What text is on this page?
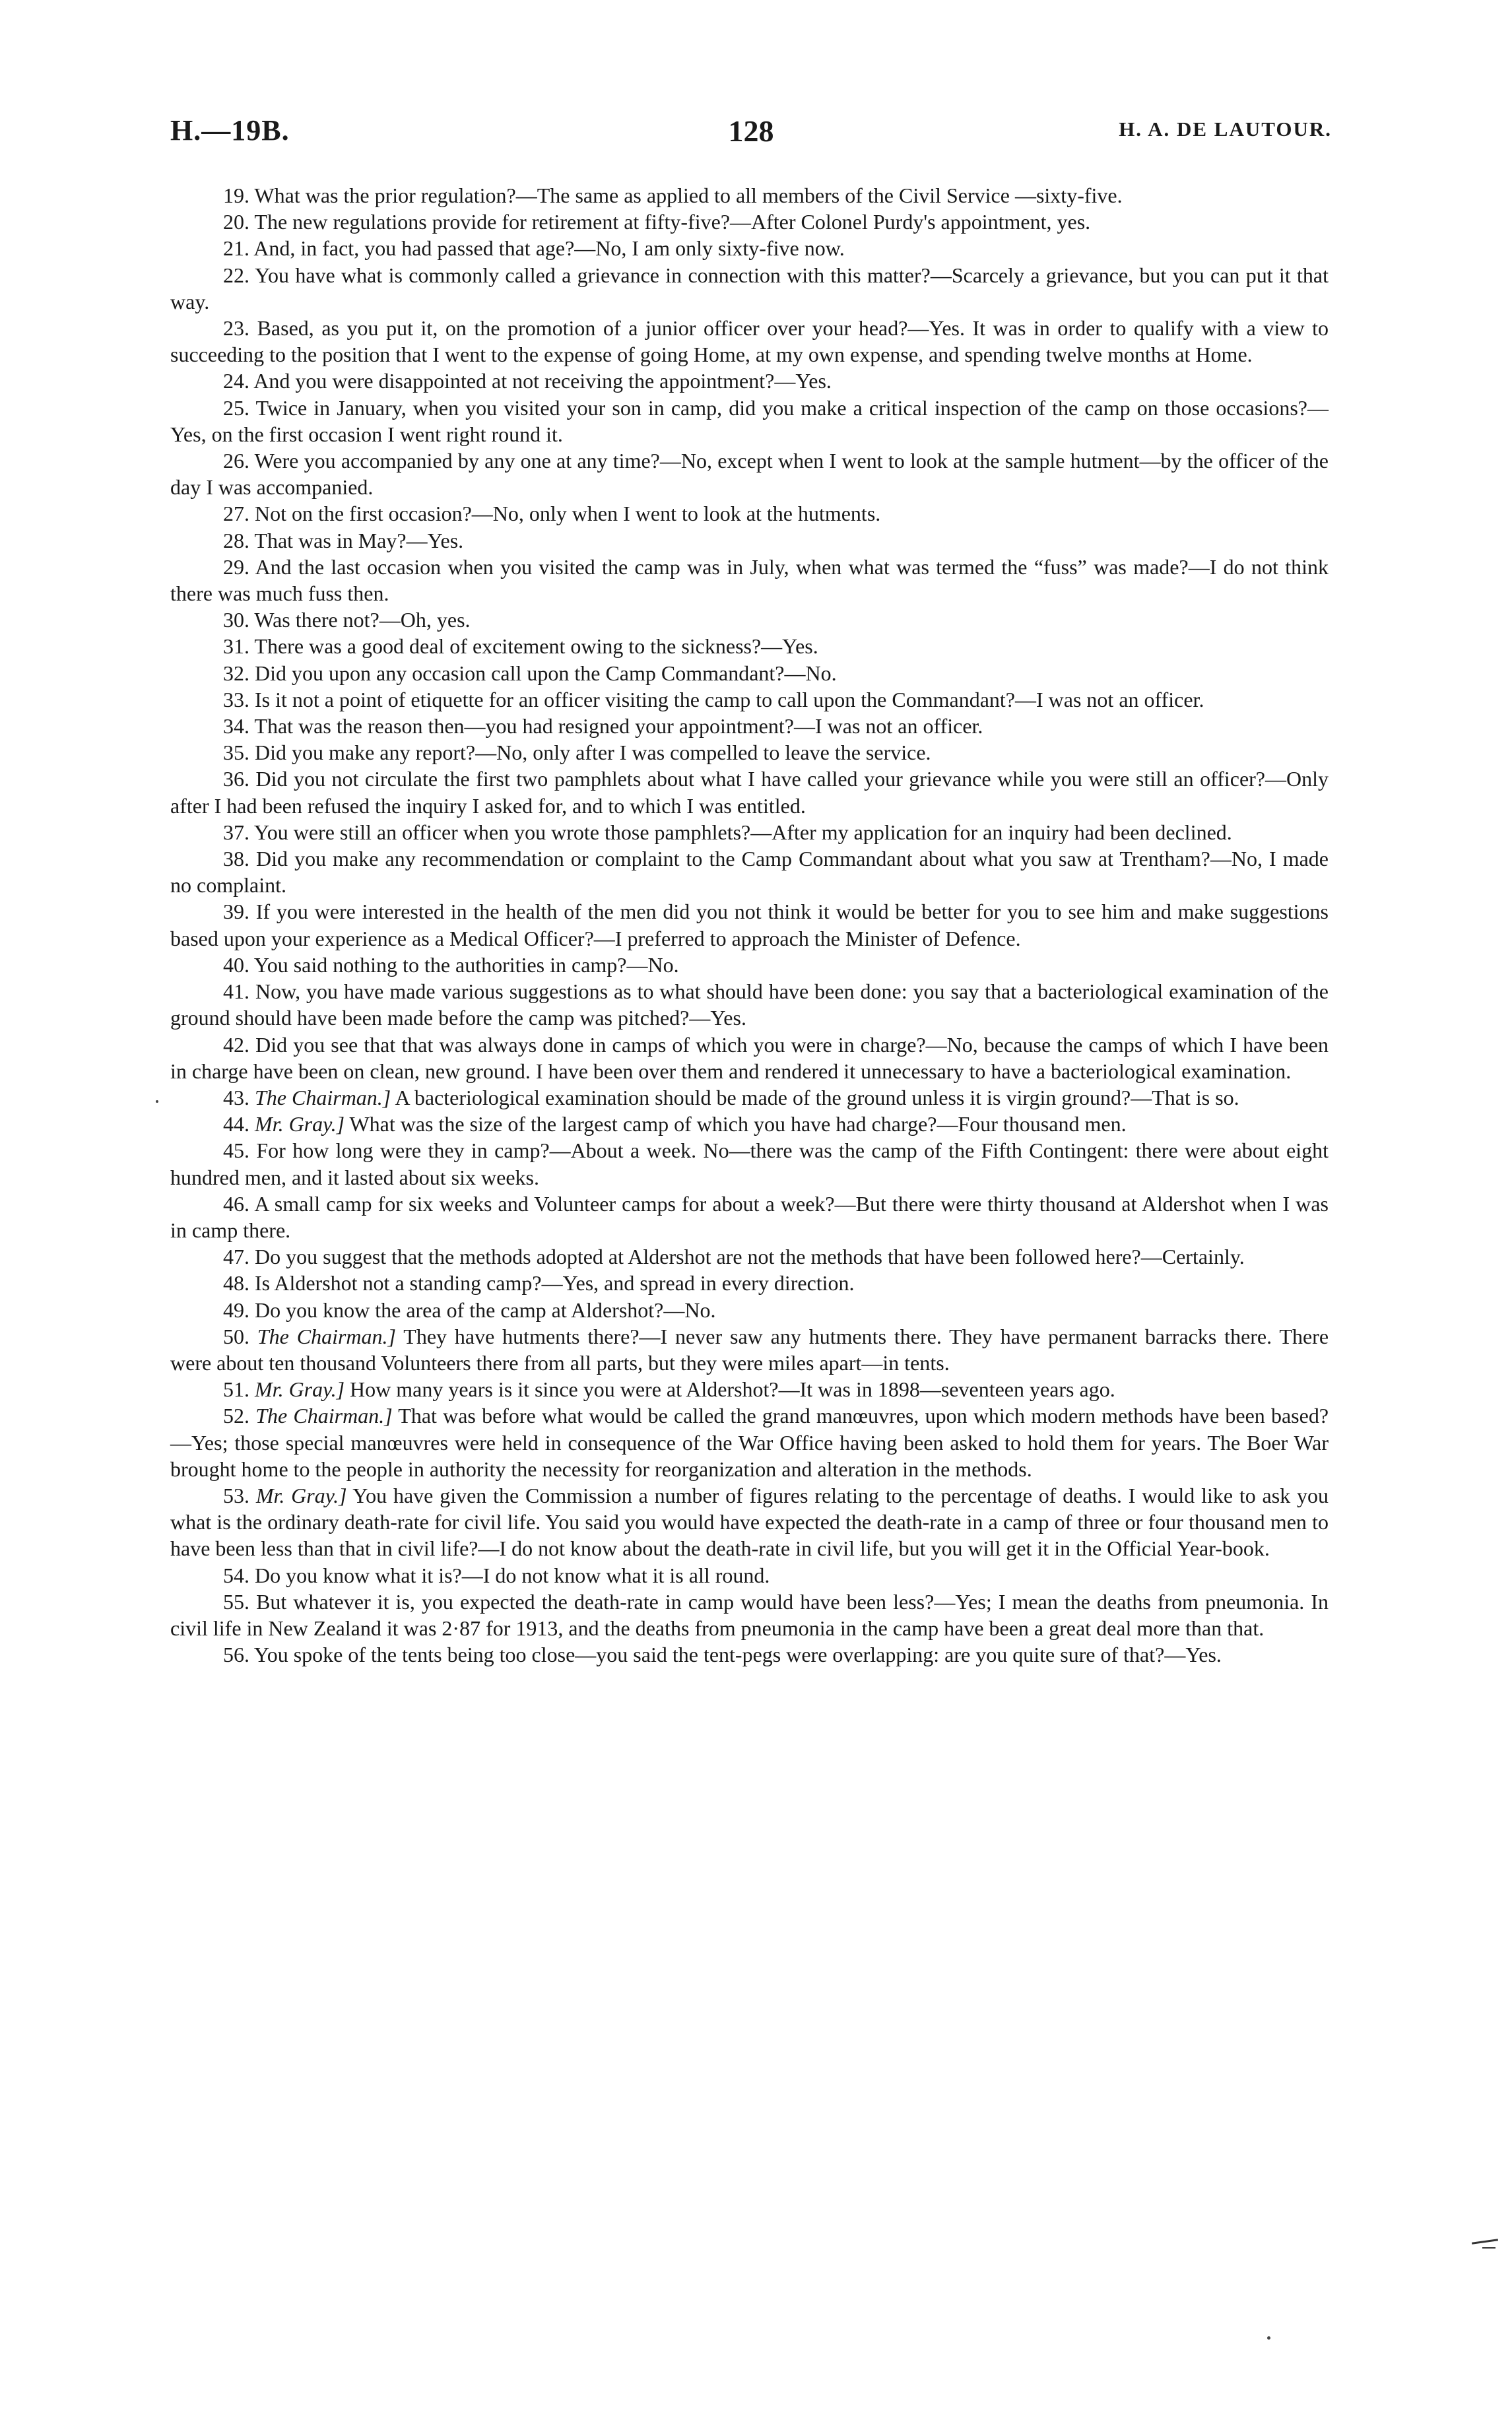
H.—19B.	128	H. A. DE LAUTOUR.

19. What was the prior regulation?—The same as applied to all members of the Civil Service —sixty-five.

20. The new regulations provide for retirement at fifty-five?—After Colonel Purdy's appointment, yes.

21. And, in fact, you had passed that age?—No, I am only sixty-five now.

22. You have what is commonly called a grievance in connection with this matter?—Scarcely a grievance, but you can put it that way.

23. Based, as you put it, on the promotion of a junior officer over your head?—Yes. It was in order to qualify with a view to succeeding to the position that I went to the expense of going Home, at my own expense, and spending twelve months at Home.

24. And you were disappointed at not receiving the appointment?—Yes.

25. Twice in January, when you visited your son in camp, did you make a critical inspection of the camp on those occasions?—Yes, on the first occasion I went right round it.

26. Were you accompanied by any one at any time?—No, except when I went to look at the sample hutment—by the officer of the day I was accompanied.

27. Not on the first occasion?—No, only when I went to look at the hutments.

28. That was in May?—Yes.

29. And the last occasion when you visited the camp was in July, when what was termed the “fuss” was made?—I do not think there was much fuss then.

30. Was there not?—Oh, yes.

31. There was a good deal of excitement owing to the sickness?—Yes.

32. Did you upon any occasion call upon the Camp Commandant?—No.

33. Is it not a point of etiquette for an officer visiting the camp to call upon the Commandant?—I was not an officer.

34. That was the reason then—you had resigned your appointment?—I was not an officer.

35. Did you make any report?—No, only after I was compelled to leave the service.

36. Did you not circulate the first two pamphlets about what I have called your grievance while you were still an officer?—Only after I had been refused the inquiry I asked for, and to which I was entitled.

37. You were still an officer when you wrote those pamphlets?—After my application for an inquiry had been declined.

38. Did you make any recommendation or complaint to the Camp Commandant about what you saw at Trentham?—No, I made no complaint.

39. If you were interested in the health of the men did you not think it would be better for you to see him and make suggestions based upon your experience as a Medical Officer?—I preferred to approach the Minister of Defence.

40. You said nothing to the authorities in camp?—No.

41. Now, you have made various suggestions as to what should have been done: you say that a bacteriological examination of the ground should have been made before the camp was pitched?—Yes.

42. Did you see that that was always done in camps of which you were in charge?—No, because the camps of which I have been in charge have been on clean, new ground. I have been over them and rendered it unnecessary to have a bacteriological examination.

43. The Chairman.] A bacteriological examination should be made of the ground unless it is virgin ground?—That is so.

44. Mr. Gray.] What was the size of the largest camp of which you have had charge?—Four thousand men.

45. For how long were they in camp?—About a week. No—there was the camp of the Fifth Contingent: there were about eight hundred men, and it lasted about six weeks.

46. A small camp for six weeks and Volunteer camps for about a week?—But there were thirty thousand at Aldershot when I was in camp there.

47. Do you suggest that the methods adopted at Aldershot are not the methods that have been followed here?—Certainly.

48. Is Aldershot not a standing camp?—Yes, and spread in every direction.

49. Do you know the area of the camp at Aldershot?—No.

50. The Chairman.] They have hutments there?—I never saw any hutments there. They have permanent barracks there. There were about ten thousand Volunteers there from all parts, but they were miles apart—in tents.

51. Mr. Gray.] How many years is it since you were at Aldershot?—It was in 1898—seventeen years ago.

52. The Chairman.] That was before what would be called the grand manœuvres, upon which modern methods have been based?—Yes; those special manœuvres were held in consequence of the War Office having been asked to hold them for years. The Boer War brought home to the people in authority the necessity for reorganization and alteration in the methods.

53. Mr. Gray.] You have given the Commission a number of figures relating to the percentage of deaths. I would like to ask you what is the ordinary death-rate for civil life. You said you would have expected the death-rate in a camp of three or four thousand men to have been less than that in civil life?—I do not know about the death-rate in civil life, but you will get it in the Official Year-book.

54. Do you know what it is?—I do not know what it is all round.

55. But whatever it is, you expected the death-rate in camp would have been less?—Yes; I mean the deaths from pneumonia. In civil life in New Zealand it was 2·87 for 1913, and the deaths from pneumonia in the camp have been a great deal more than that.

56. You spoke of the tents being too close—you said the tent-pegs were overlapping: are you quite sure of that?—Yes.
